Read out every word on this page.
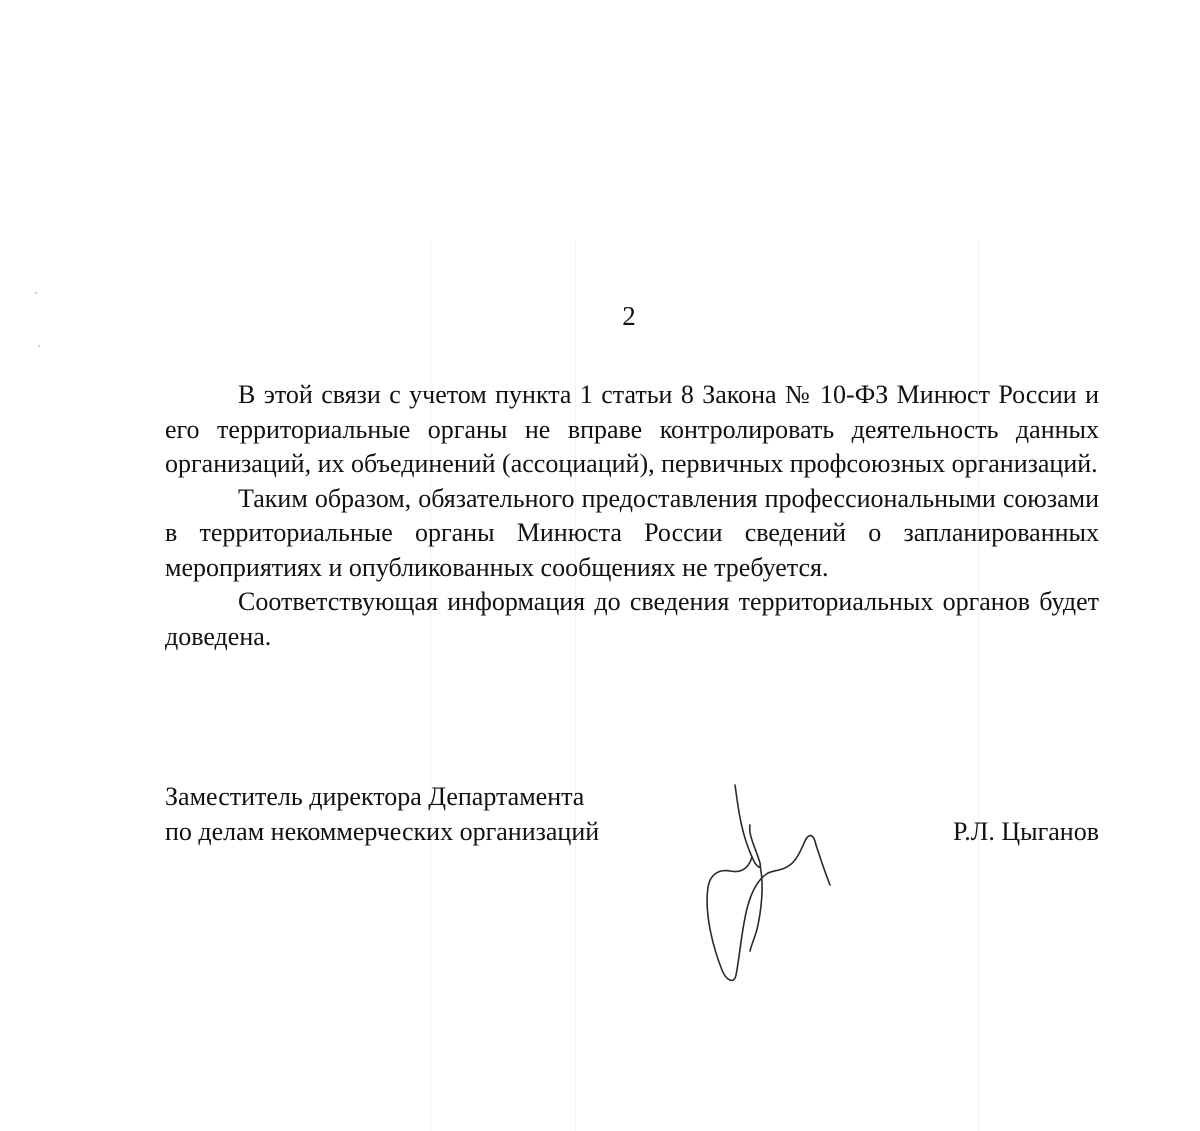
2

В этой связи с учетом пункта 1 статьи 8 Закона № 10-ФЗ Минюст России и его территориальные органы не вправе контролировать деятельность данных организаций, их объединений (ассоциаций), первичных профсоюзных организаций.

Таким образом, обязательного предоставления профессиональными союзами в территориальные органы Минюста России сведений о запланированных мероприятиях и опубликованных сообщениях не требуется.

Соответствующая информация до сведения территориальных органов будет доведена.

Заместитель директора Департамента
по делам некоммерческих организаций	Р.Л. Цыганов
